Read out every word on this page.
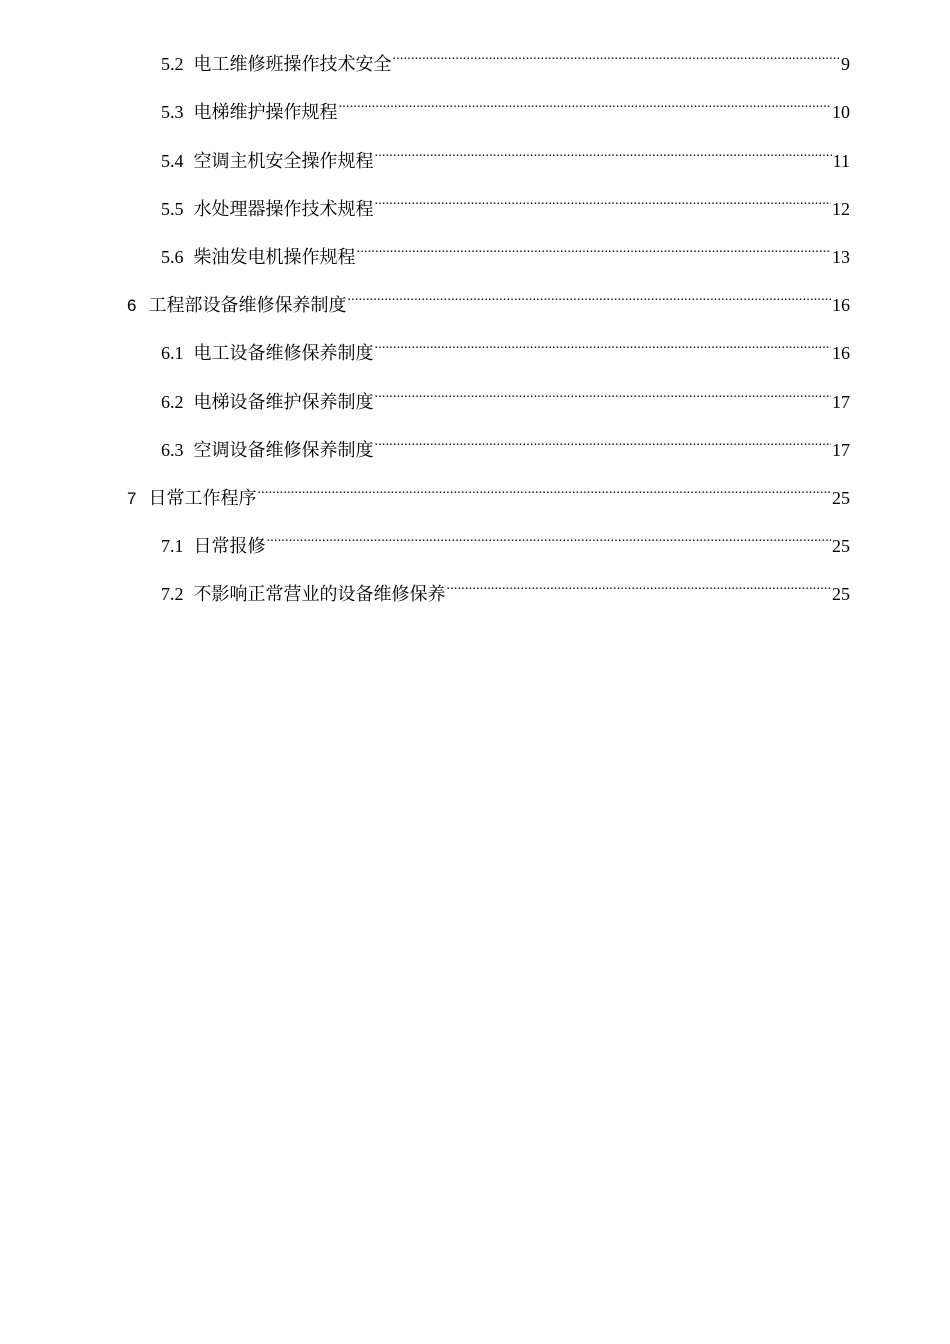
5.2 电工维修班操作技术安全 .....	9
5.3 电梯维护操作规程 .....	10
5.4 空调主机安全操作规程 .....	11
5.5 水处理器操作技术规程 .....	12
5.6 柴油发电机操作规程 .....	13
6 工程部设备维修保养制度 .....	16
6.1 电工设备维修保养制度 .....	16
6.2 电梯设备维护保养制度 .....	17
6.3 空调设备维修保养制度 .....	17
7 日常工作程序 .....	25
7.1 日常报修 .....	25
7.2 不影响正常营业的设备维修保养 .....	25
